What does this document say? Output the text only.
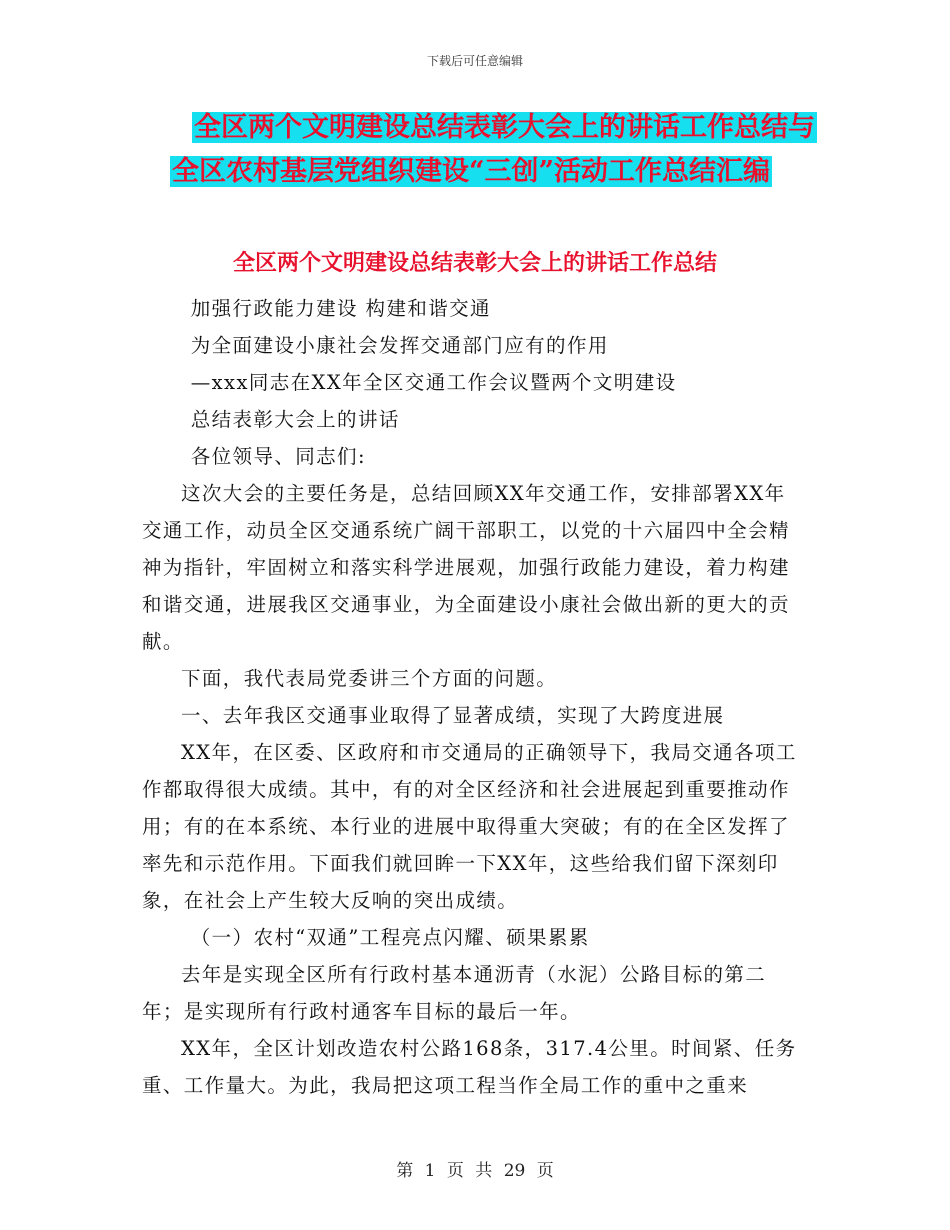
下载后可任意编辑
全区两个文明建设总结表彰大会上的讲话工作总结与
全区农村基层党组织建设“三创”活动工作总结汇编
全区两个文明建设总结表彰大会上的讲话工作总结

加强行政能力建设 构建和谐交通

为全面建设小康社会发挥交通部门应有的作用

—xxx同志在XX年全区交通工作会议暨两个文明建设

总结表彰大会上的讲话

各位领导、同志们:

这次大会的主要任务是，总结回顾XX年交通工作，安排部署XX年交通工作，动员全区交通系统广阔干部职工，以党的十六届四中全会精神为指针，牢固树立和落实科学进展观，加强行政能力建设，着力构建和谐交通，进展我区交通事业，为全面建设小康社会做出新的更大的贡献。

下面，我代表局党委讲三个方面的问题。

一、去年我区交通事业取得了显著成绩，实现了大跨度进展

XX年，在区委、区政府和市交通局的正确领导下，我局交通各项工作都取得很大成绩。其中，有的对全区经济和社会进展起到重要推动作用；有的在本系统、本行业的进展中取得重大突破；有的在全区发挥了率先和示范作用。下面我们就回眸一下XX年，这些给我们留下深刻印象，在社会上产生较大反响的突出成绩。

（一）农村“双通”工程亮点闪耀、硕果累累

去年是实现全区所有行政村基本通沥青（水泥）公路目标的第二年；是实现所有行政村通客车目标的最后一年。

XX年，全区计划改造农村公路168条，317.4公里。时间紧、任务重、工作量大。为此，我局把这项工程当作全局工作的重中之重来

第 1 页 共 29 页
